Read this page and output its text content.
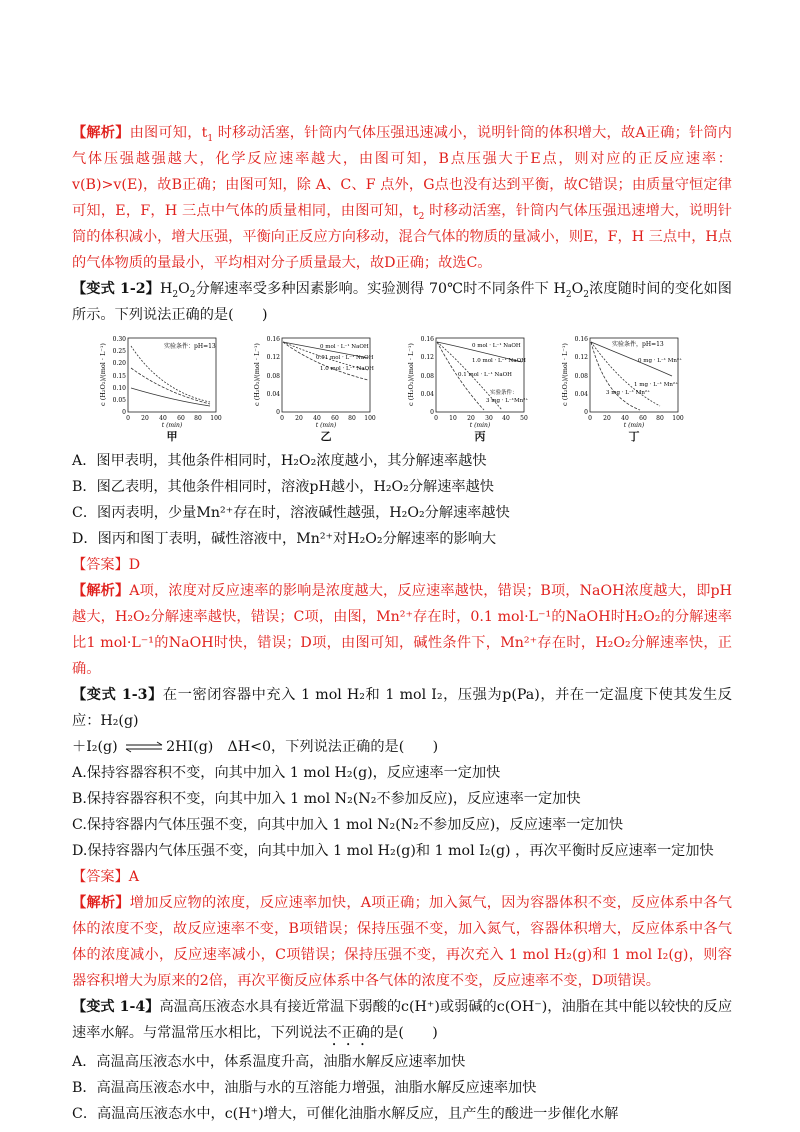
【解析】由图可知，$t_1$ 时移动活塞，针筒内气体压强迅速减小，说明针筒的体积增大，故A正确；针筒内气体压强越强越大，化学反应速率越大，由图可知，B点压强大于E点，则对应的正反应速率：v(B)>v(E)，故B正确；由图可知，除 A、C、F 点外，G点也没有达到平衡，故C错误；由质量守恒定律可知，E，F，H 三点中气体的质量相同，由图可知，$t_2$ 时移动活塞，针筒内气体压强迅速增大，说明针筒的体积减小，增大压强，平衡向正反应方向移动，混合气体的物质的量减小，则E，F，H 三点中，H点的气体物质的量最小，平均相对分子质量最大，故D正确；故选C。

【变式 1-2】$H_2O_2$分解速率受多种因素影响。实验测得 70℃时不同条件下 $H_2O_2$浓度随时间的变化如图所示。下列说法正确的是(　　)

c (H₂O₂)/(mol · L⁻¹)
0.30
0.25
0.20
0.15
0.10
0.05
0
0 20 40 60 80 100
t (min)
实验条件：pH=13
甲
c (H₂O₂)/(mol · L⁻¹)
0.16
0.12
0.08
0.04
0
0 20 40 60 80 100
t (min)
0 mol · L⁻¹ NaOH
0.01 mol · L⁻¹ NaOH
1.0 mol · L⁻¹ NaOH
乙
c (H₂O₂)/(mol · L⁻¹)
0.16
0.12
0.08
0.04
0
0 10 20 30 40 50
t (min)
0 mol · L⁻¹ NaOH
1.0 mol · L⁻¹ NaOH
0.1 mol · L⁻¹ NaOH
实验条件：
3 mg · L⁻¹Mn²⁺
丙
c (H₂O₂)/(mol · L⁻¹)
0.16
0.12
0.08
0.04
0
0 20 40 60 80 100
t (min)
实验条件，pH=13
0 mg · L⁻¹ Mn²⁺
1 mg · L⁻¹ Mn²⁺
3 mg · L⁻¹ Mn²⁺
丁

A．图甲表明，其他条件相同时，H₂O₂浓度越小，其分解速率越快

B．图乙表明，其他条件相同时，溶液pH越小，H₂O₂分解速率越快

C．图丙表明，少量Mn²⁺存在时，溶液碱性越强，H₂O₂分解速率越快

D．图丙和图丁表明，碱性溶液中，Mn²⁺对H₂O₂分解速率的影响大

【答案】D

【解析】A项，浓度对反应速率的影响是浓度越大，反应速率越快，错误；B项，NaOH浓度越大，即pH越大，H₂O₂分解速率越快，错误；C项，由图，Mn²⁺存在时，0.1 mol·L⁻¹的NaOH时H₂O₂的分解速率比1 mol·L⁻¹的NaOH时快，错误；D项，由图可知，碱性条件下，Mn²⁺存在时，H₂O₂分解速率快，正确。

【变式 1-3】在一密闭容器中充入 1 mol H₂和 1 mol I₂，压强为p(Pa)，并在一定温度下使其发生反应：H₂(g)

＋I₂(g) ⇌2HI(g)　ΔH<0，下列说法正确的是(　　)

A.保持容器容积不变，向其中加入 1 mol H₂(g)，反应速率一定加快

B.保持容器容积不变，向其中加入 1 mol N₂(N₂不参加反应)，反应速率一定加快

C.保持容器内气体压强不变，向其中加入 1 mol N₂(N₂不参加反应)，反应速率一定加快

D.保持容器内气体压强不变，向其中加入 1 mol H₂(g)和 1 mol I₂(g) ，再次平衡时反应速率一定加快

【答案】A

【解析】增加反应物的浓度，反应速率加快，A项正确；加入氮气，因为容器体积不变，反应体系中各气体的浓度不变，故反应速率不变，B项错误；保持压强不变，加入氮气，容器体积增大，反应体系中各气体的浓度减小，反应速率减小，C项错误；保持压强不变，再次充入 1 mol H₂(g)和 1 mol I₂(g)，则容器容积增大为原来的2倍，再次平衡反应体系中各气体的浓度不变，反应速率不变，D项错误。

【变式 1-4】高温高压液态水具有接近常温下弱酸的c(H⁺)或弱碱的c(OH⁻)，油脂在其中能以较快的反应速率水解。与常温常压水相比，下列说法不正确的是(　　)

A．高温高压液态水中，体系温度升高，油脂水解反应速率加快

B．高温高压液态水中，油脂与水的互溶能力增强，油脂水解反应速率加快

C．高温高压液态水中，c(H⁺)增大，可催化油脂水解反应，且产生的酸进一步催化水解
